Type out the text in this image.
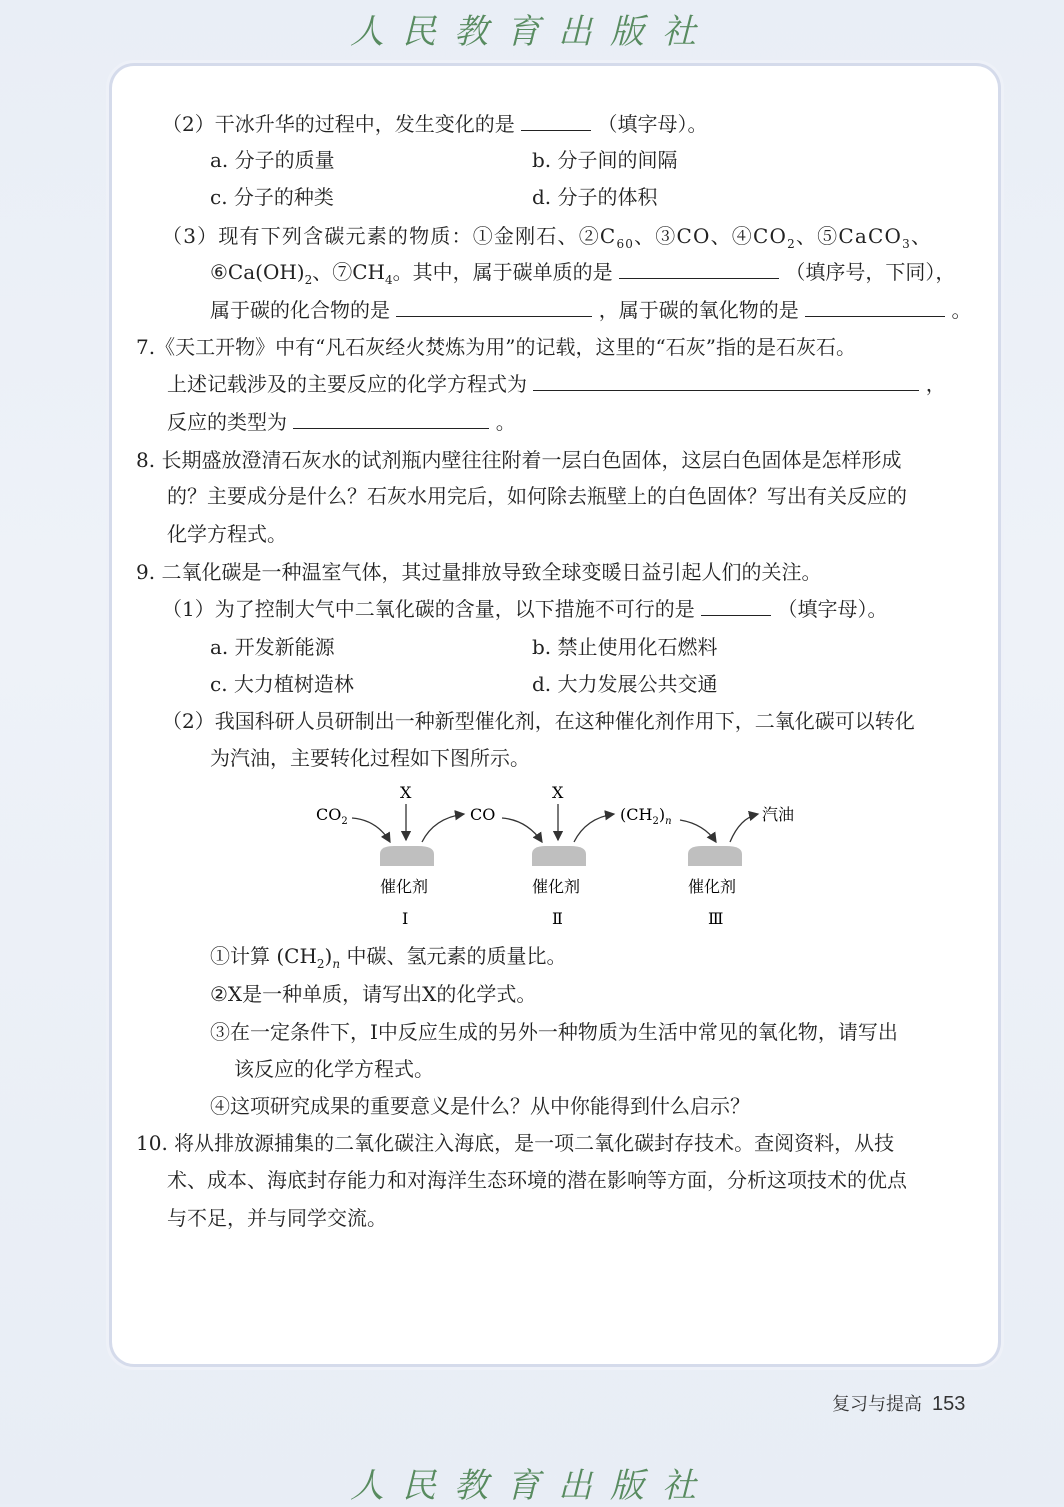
人民教育出版社
（2）干冰升华的过程中，发生变化的是	（填字母）。
a. 分子的质量	b. 分子间的间隔
c. 分子的种类	d. 分子的体积
（3）现有下列含碳元素的物质：①金刚石、$②C_{60}$、③CO、$④CO_2$、⑤CaCO$_3$、
$⑥Ca(OH)_2$、$⑦CH_4$。其中，属于碳单质的是	（填序号，下同），
属于碳的化合物的是	，属于碳的氧化物的是	。
7.《天工开物》中有“凡石灰经火焚炼为用”的记载，这里的“石灰”指的是石灰石。
上述记载涉及的主要反应的化学方程式为	，
反应的类型为	。
8. 长期盛放澄清石灰水的试剂瓶内壁往往附着一层白色固体，这层白色固体是怎样形成
的？主要成分是什么？石灰水用完后，如何除去瓶壁上的白色固体？写出有关反应的
化学方程式。
9. 二氧化碳是一种温室气体，其过量排放导致全球变暖日益引起人们的关注。
（1）为了控制大气中二氧化碳的含量，以下措施不可行的是	（填字母）。
a. 开发新能源	b. 禁止使用化石燃料
c. 大力植树造林	d. 大力发展公共交通
（2）我国科研人员研制出一种新型催化剂，在这种催化剂作用下，二氧化碳可以转化
为汽油，主要转化过程如下图所示。
$CO_2$
X
CO
X
$(CH_2)_n$	汽油
催化剂	催化剂	催化剂
Ⅰ	Ⅱ	Ⅲ
①计算 $(CH_2)_n$ 中碳、氢元素的质量比。
②X是一种单质，请写出X的化学式。
③在一定条件下，Ⅰ中反应生成的另外一种物质为生活中常见的氧化物，请写出
该反应的化学方程式。
④这项研究成果的重要意义是什么？从中你能得到什么启示？
10. 将从排放源捕集的二氧化碳注入海底，是一项二氧化碳封存技术。查阅资料，从技
术、成本、海底封存能力和对海洋生态环境的潜在影响等方面，分析这项技术的优点
与不足，并与同学交流。
复习与提高 153
人民教育出版社
